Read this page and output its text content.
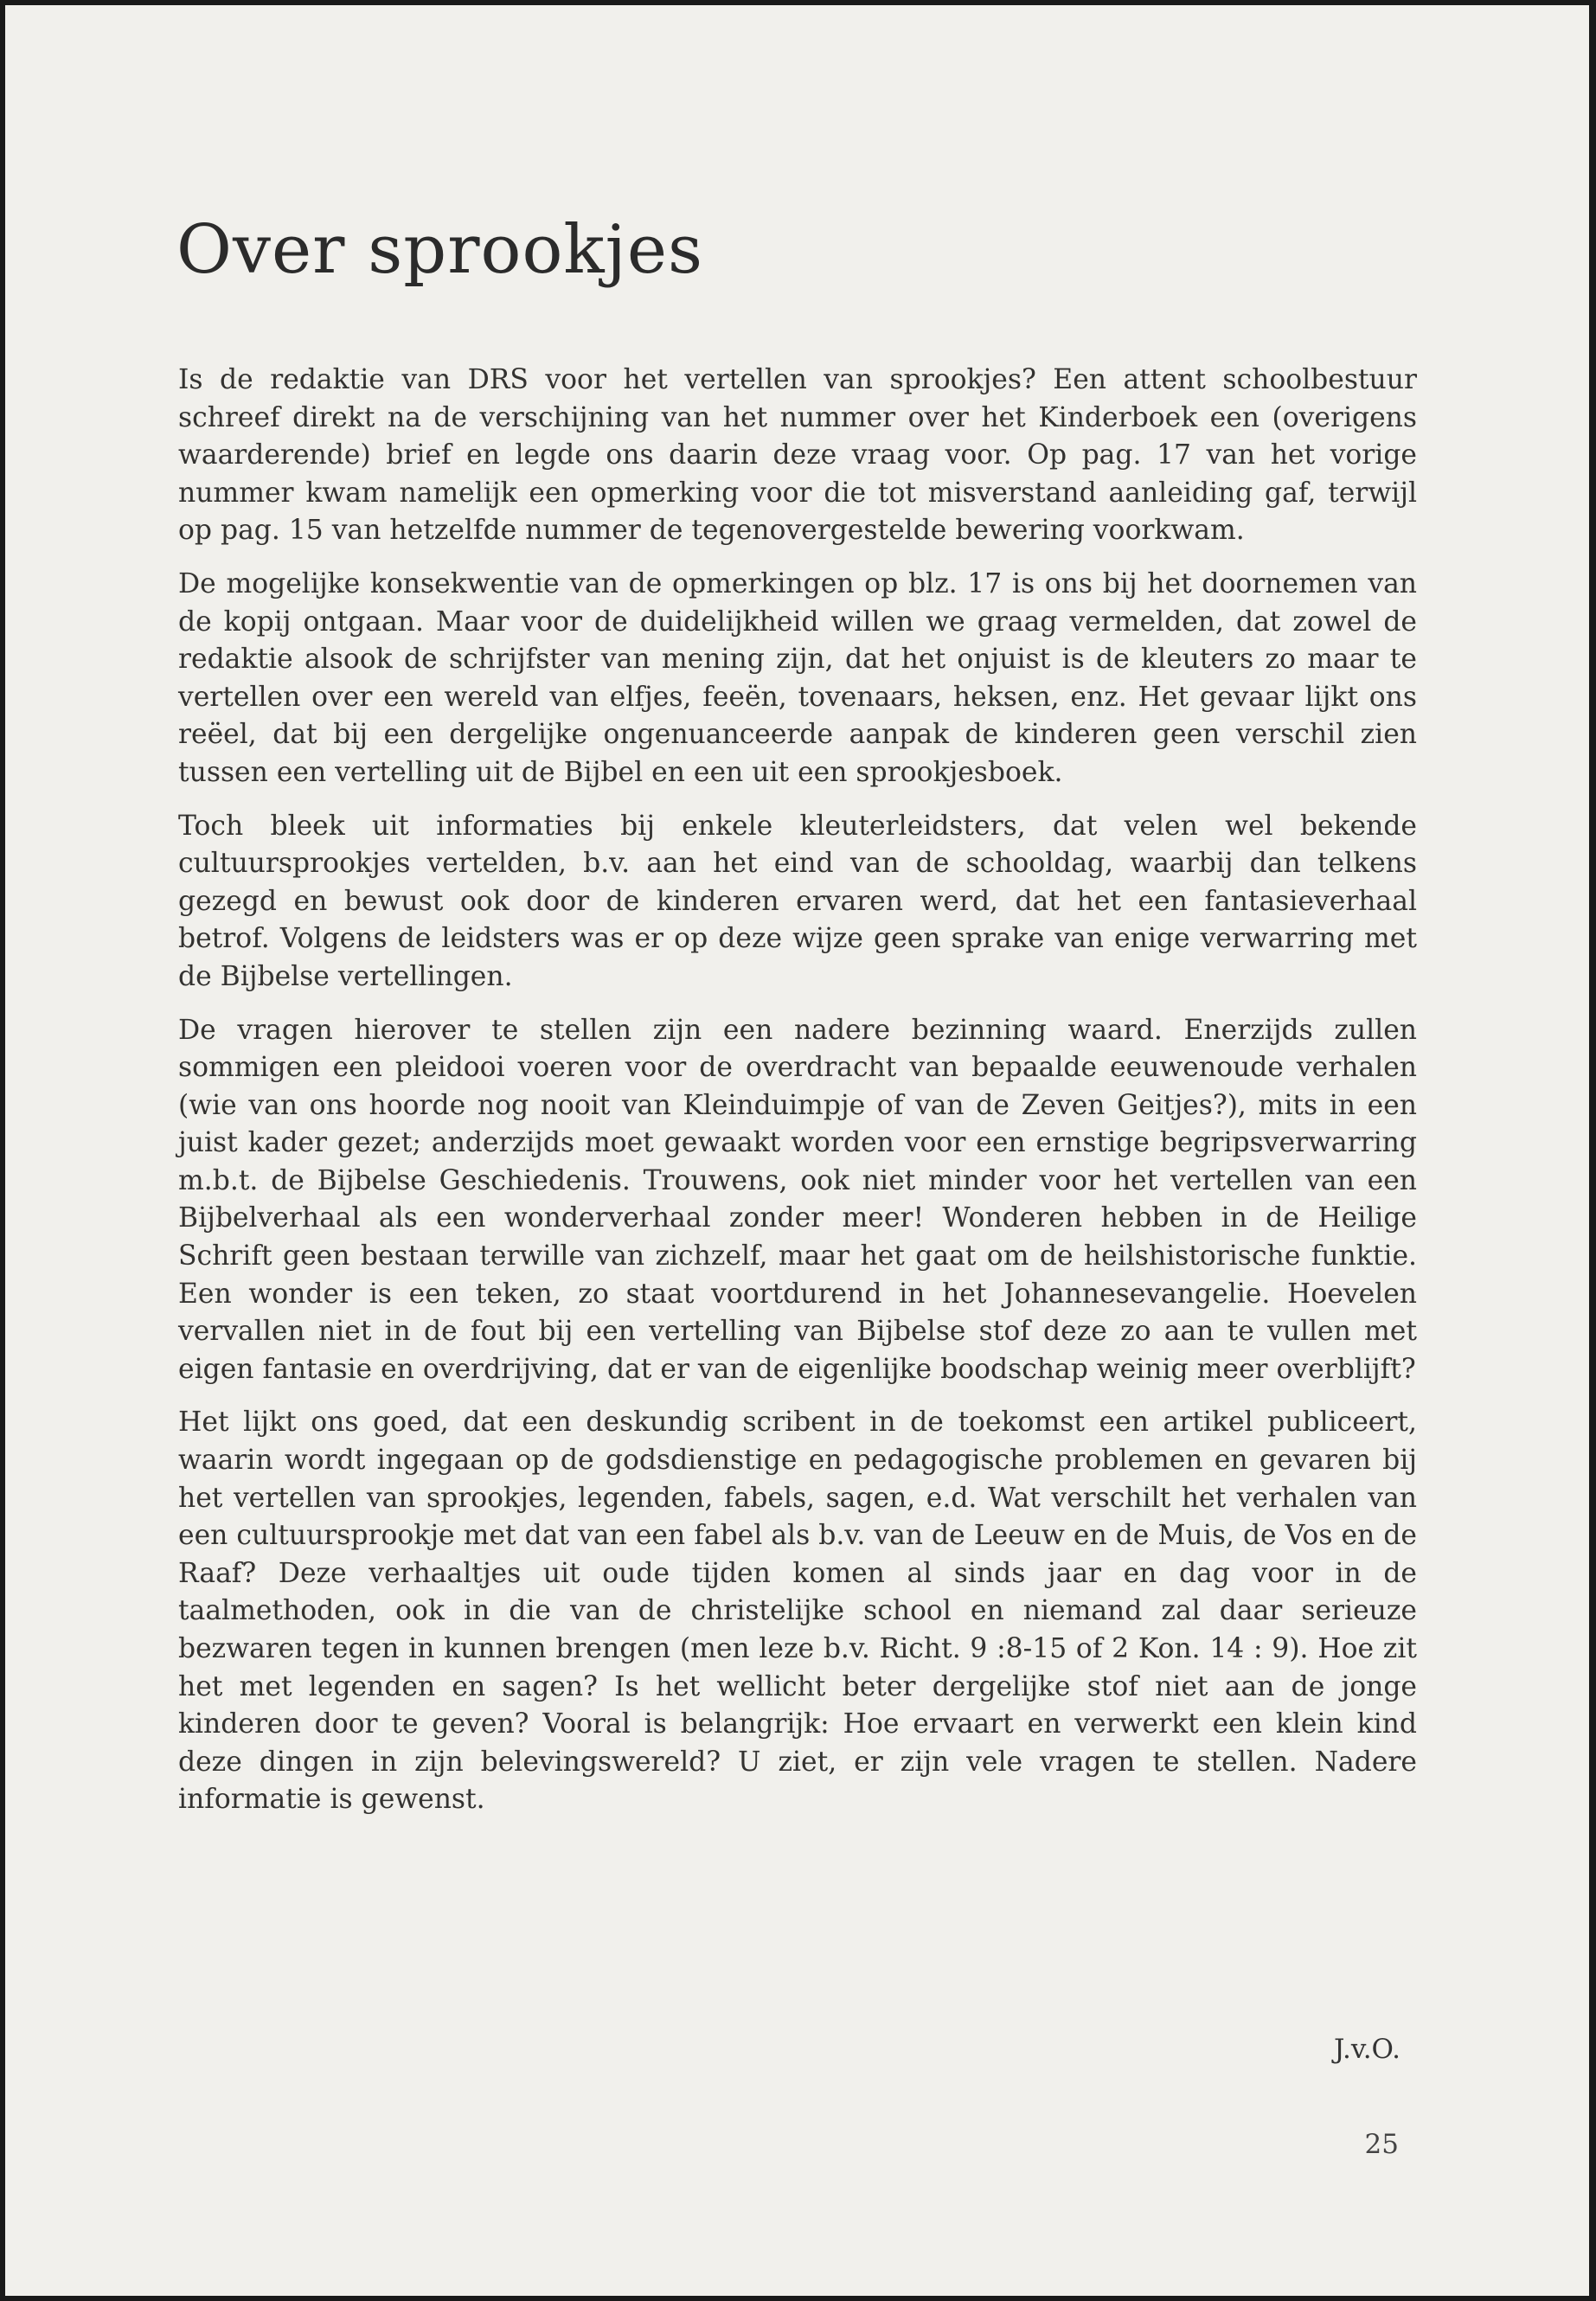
Over sprookjes

Is de redaktie van DRS voor het vertellen van sprookjes? Een attent schoolbestuur schreef direkt na de verschijning van het nummer over het Kinderboek een (overigens waarderende) brief en legde ons daarin deze vraag voor. Op pag. 17 van het vorige nummer kwam namelijk een opmerking voor die tot misverstand aanleiding gaf, terwijl op pag. 15 van hetzelfde nummer de tegenovergestelde bewering voorkwam.

De mogelijke konsekwentie van de opmerkingen op blz. 17 is ons bij het doornemen van de kopij ontgaan. Maar voor de duidelijkheid willen we graag vermelden, dat zowel de redaktie alsook de schrijfster van mening zijn, dat het onjuist is de kleuters zo maar te vertellen over een wereld van elfjes, feeën, tovenaars, heksen, enz. Het gevaar lijkt ons reëel, dat bij een dergelijke ongenuanceerde aanpak de kinderen geen verschil zien tussen een vertelling uit de Bijbel en een uit een sprookjesboek.

Toch bleek uit informaties bij enkele kleuterleidsters, dat velen wel bekende cultuursprookjes vertelden, b.v. aan het eind van de schooldag, waarbij dan telkens gezegd en bewust ook door de kinderen ervaren werd, dat het een fantasieverhaal betrof. Volgens de leidsters was er op deze wijze geen sprake van enige verwarring met de Bijbelse vertellingen.

De vragen hierover te stellen zijn een nadere bezinning waard. Enerzijds zullen sommigen een pleidooi voeren voor de overdracht van bepaalde eeuwenoude verhalen (wie van ons hoorde nog nooit van Kleinduimpje of van de Zeven Geitjes?), mits in een juist kader gezet; anderzijds moet gewaakt worden voor een ernstige begripsverwarring m.b.t. de Bijbelse Geschiedenis. Trouwens, ook niet minder voor het vertellen van een Bijbelverhaal als een wonderverhaal zonder meer! Wonderen hebben in de Heilige Schrift geen bestaan terwille van zichzelf, maar het gaat om de heilshistorische funktie. Een wonder is een teken, zo staat voortdurend in het Johannesevangelie. Hoevelen vervallen niet in de fout bij een vertelling van Bijbelse stof deze zo aan te vullen met eigen fantasie en overdrijving, dat er van de eigenlijke boodschap weinig meer overblijft?

Het lijkt ons goed, dat een deskundig scribent in de toekomst een artikel publiceert, waarin wordt ingegaan op de godsdienstige en pedagogische problemen en gevaren bij het vertellen van sprookjes, legenden, fabels, sagen, e.d. Wat verschilt het verhalen van een cultuursprookje met dat van een fabel als b.v. van de Leeuw en de Muis, de Vos en de Raaf? Deze verhaaltjes uit oude tijden komen al sinds jaar en dag voor in de taalmethoden, ook in die van de christelijke school en niemand zal daar serieuze bezwaren tegen in kunnen brengen (men leze b.v. Richt. 9 :8-15 of 2 Kon. 14 : 9). Hoe zit het met legenden en sagen? Is het wellicht beter dergelijke stof niet aan de jonge kinderen door te geven? Vooral is belangrijk: Hoe ervaart en verwerkt een klein kind deze dingen in zijn belevingswereld? U ziet, er zijn vele vragen te stellen. Nadere informatie is gewenst.

J.v.O.
25
